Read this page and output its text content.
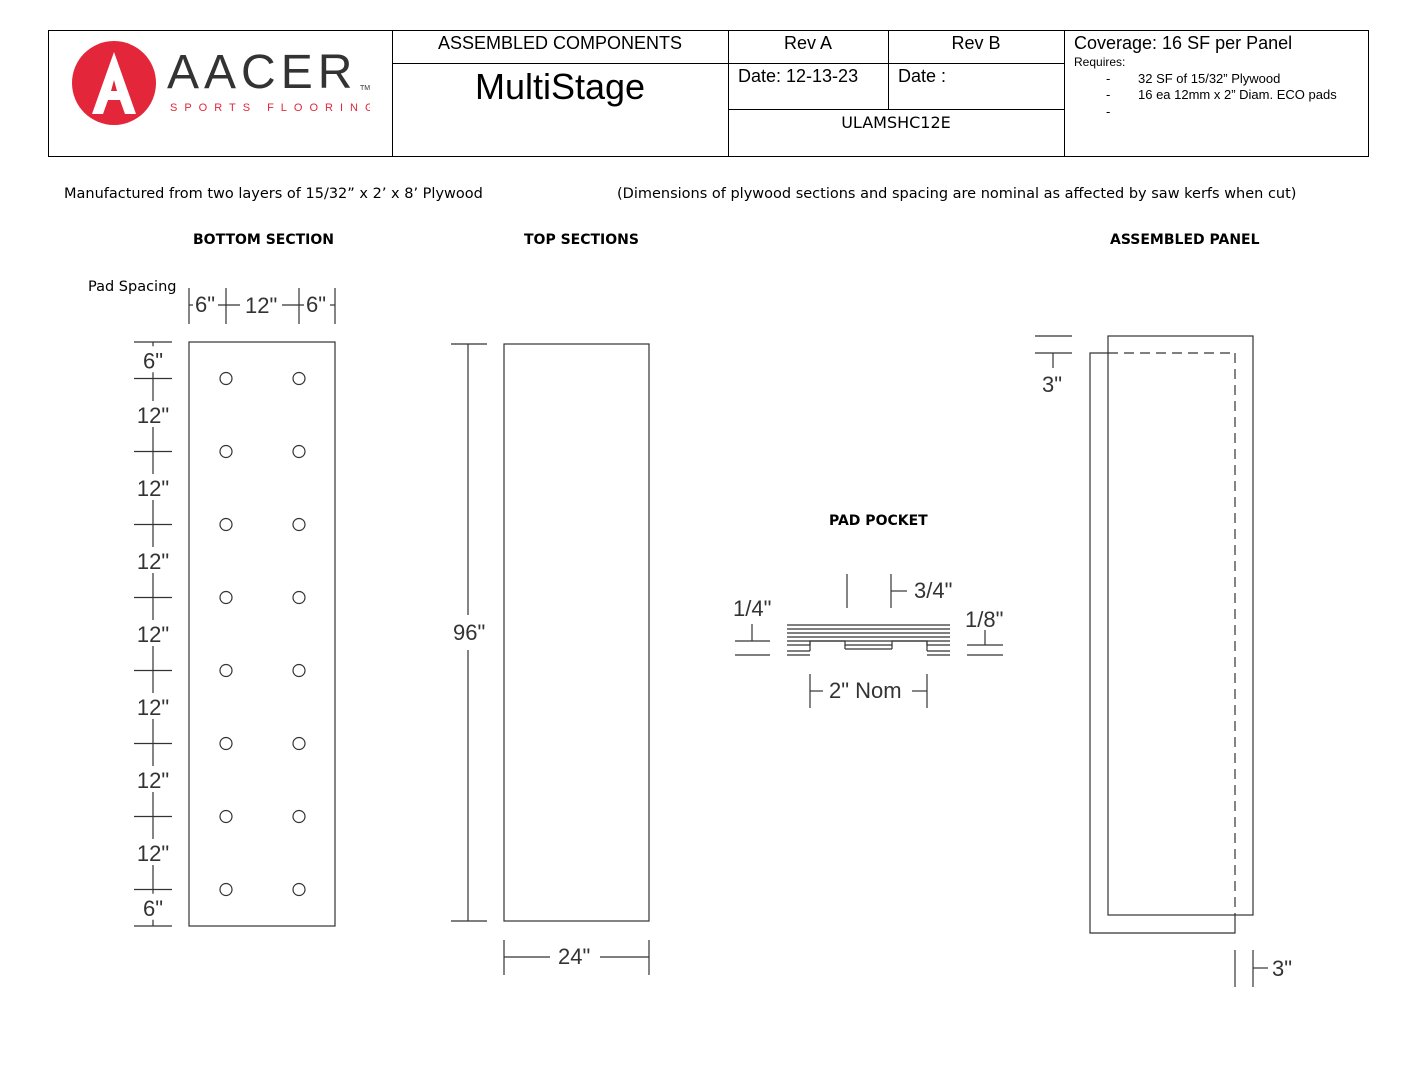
AACER TM
SPORTS FLOORING
ASSEMBLED COMPONENTS
MultiStage
Rev A	Rev B
Date: 12-13-23 Date :
ULAMSHC12E
Coverage: 16 SF per Panel
Requires:
- 32 SF of 15/32” Plywood
- 16 ea 12mm x 2” Diam. ECO pads
-
Manufactured from two layers of 15/32” x 2’ x 8’ Plywood	(Dimensions of plywood sections and spacing are nominal as affected by saw kerfs when cut)
BOTTOM SECTION	TOP SECTIONS	ASSEMBLED PANEL
PAD POCKET
Pad Spacing
6" 12" 6"
6"
12"
12"
12"
12"
12"
12"
12"
6"
96"
24"
1/4"
3/4"
1/8"
2" Nom
3"
3"
